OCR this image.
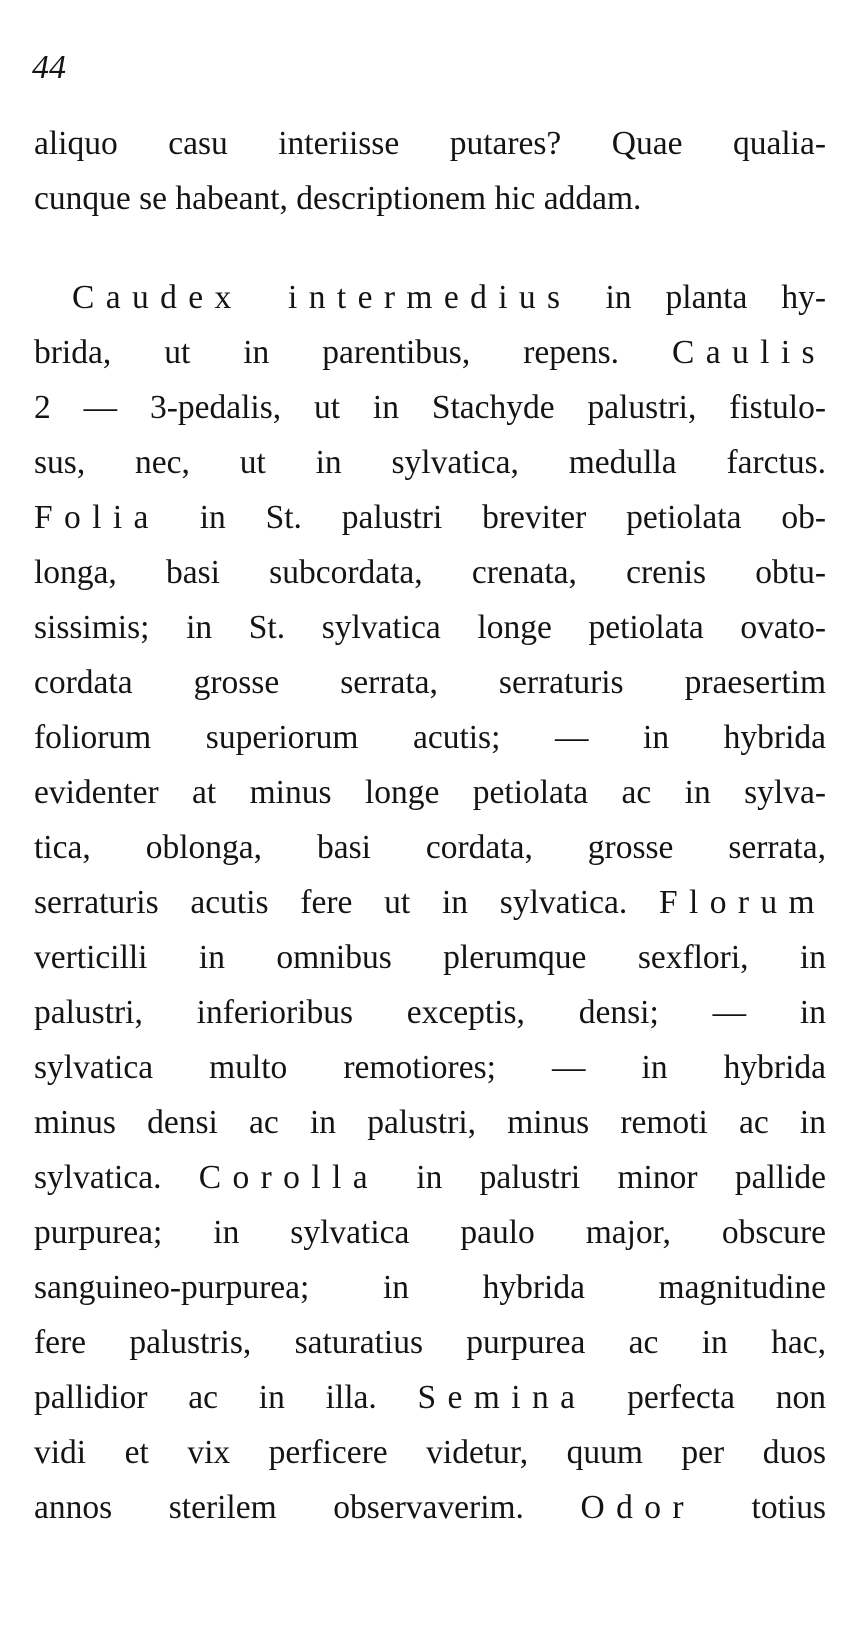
44
aliquo casu interiisse putares? Quae qualia-
cunque se habeant, descriptionem hic addam.
Caudex intermedius in planta hy-
brida, ut in parentibus, repens. Caulis
2 — 3-pedalis, ut in Stachyde palustri, fistulo-
sus, nec, ut in sylvatica, medulla farctus.
Folia in St. palustri breviter petiolata ob-
longa, basi subcordata, crenata, crenis obtu-
sissimis; in St. sylvatica longe petiolata ovato-
cordata grosse serrata, serraturis praesertim
foliorum superiorum acutis; — in hybrida
evidenter at minus longe petiolata ac in sylva-
tica, oblonga, basi cordata, grosse serrata,
serraturis acutis fere ut in sylvatica. Florum
verticilli in omnibus plerumque sexflori, in
palustri, inferioribus exceptis, densi; — in
sylvatica multo remotiores; — in hybrida
minus densi ac in palustri, minus remoti ac in
sylvatica. Corolla in palustri minor pallide
purpurea; in sylvatica paulo major, obscure
sanguineo-purpurea; in hybrida magnitudine
fere palustris, saturatius purpurea ac in hac,
pallidior ac in illa. Semina perfecta non
vidi et vix perficere videtur, quum per duos
annos sterilem observaverim. Odor totius
